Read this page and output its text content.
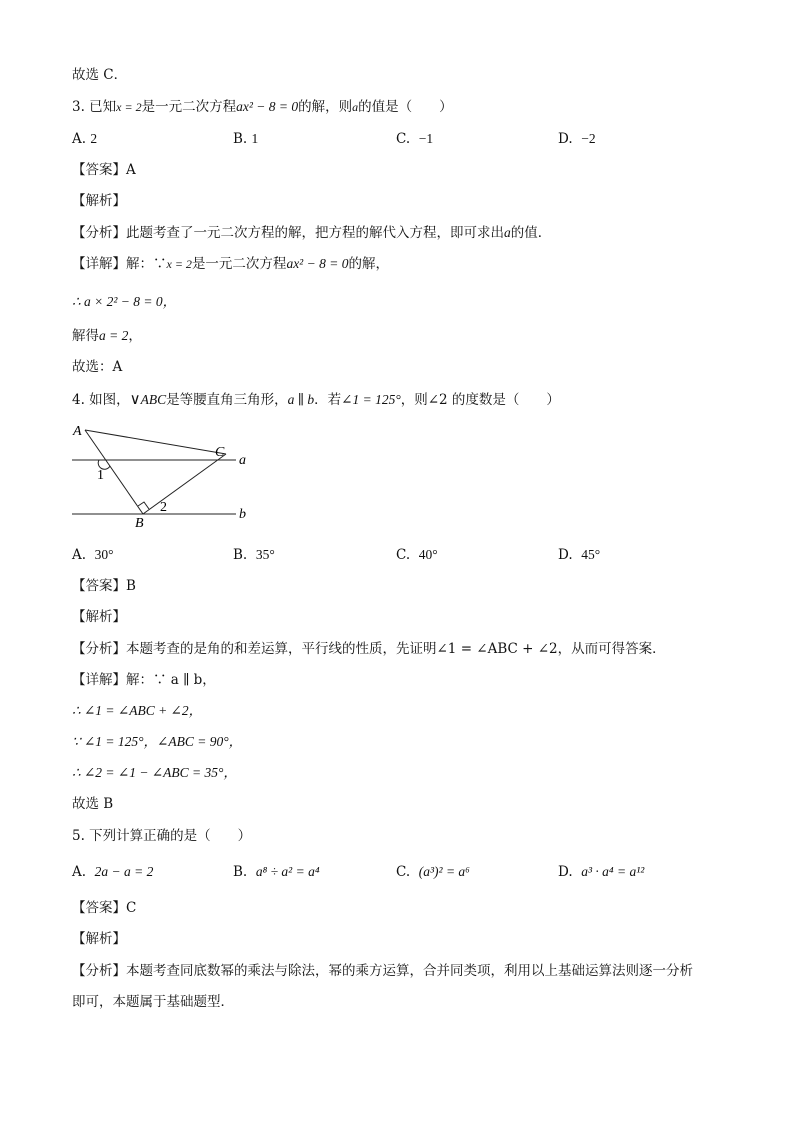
故选 C．
3. 已知x = 2是一元二次方程ax² − 8 = 0的解，则a的值是（　　）
A. 2	B. 1	C. −1	D. −2
【答案】A
【解析】
【分析】此题考查了一元二次方程的解，把方程的解代入方程，即可求出a的值．
【详解】解：∵x = 2是一元二次方程ax² − 8 = 0的解，
∴ a × 2² − 8 = 0，
解得a = 2，
故选：A
4. 如图，∨ABC是等腰直角三角形，a ∥ b．若∠1 = 125°，则∠2 的度数是（　　）
A
C
a
1
2
B
b
A. 30°	B. 35°	C. 40°	D. 45°
【答案】B
【解析】
【分析】本题考查的是角的和差运算，平行线的性质，先证明∠1 = ∠ABC + ∠2，从而可得答案．
【详解】解：∵ a ∥ b，
∴ ∠1 = ∠ABC + ∠2，
∵ ∠1 = 125°，∠ABC = 90°，
∴ ∠2 = ∠1 − ∠ABC = 35°，
故选 B
5. 下列计算正确的是（　　）
A. 2a − a = 2	B. a⁸ ÷ a² = a⁴	C. (a³)² = a⁶	D. a³ · a⁴ = a¹²
【答案】C
【解析】
【分析】本题考查同底数幂的乘法与除法，幂的乘方运算，合并同类项，利用以上基础运算法则逐一分析
即可，本题属于基础题型．
